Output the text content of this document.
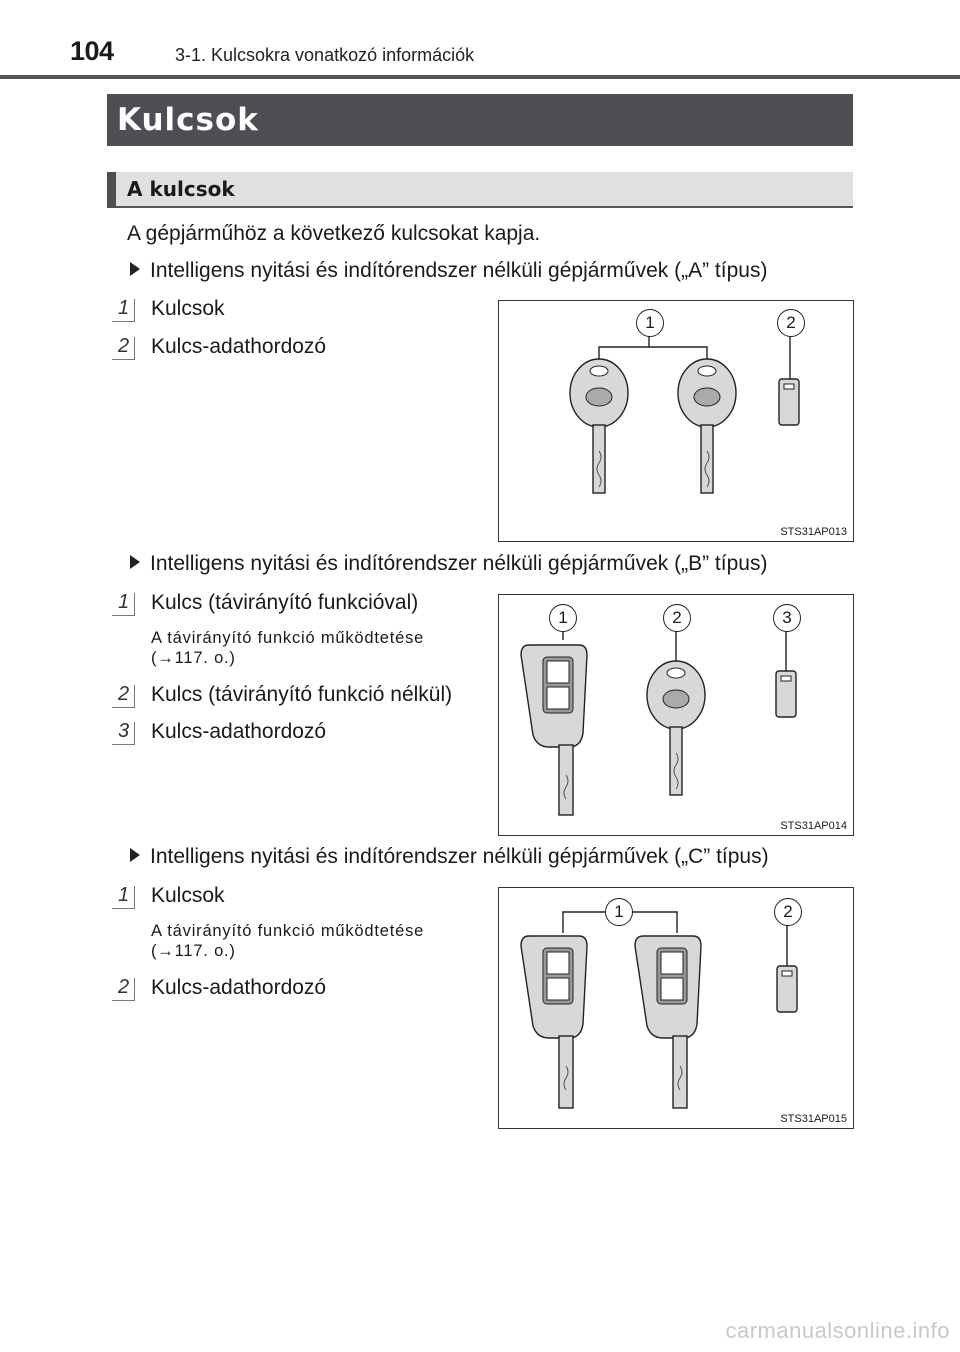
104	3-1. Kulcsokra vonatkozó információk
Kulcsok
A kulcsok
A gépjárműhöz a következő kulcsokat kapja.
Intelligens nyitási és indítórendszer nélküli gépjárművek („A” típus)
1 Kulcsok
2 Kulcs-adathordozó
1	2
STS31AP013
Intelligens nyitási és indítórendszer nélküli gépjárművek („B” típus)
1 Kulcs (távirányító funkcióval)
A távirányító funkció működtetése (→117. o.)
2 Kulcs (távirányító funkció nélkül)
3 Kulcs-adathordozó
1	2	3
STS31AP014
Intelligens nyitási és indítórendszer nélküli gépjárművek („C” típus)
1 Kulcsok
A távirányító funkció működtetése (→117. o.)
2 Kulcs-adathordozó
1	2
STS31AP015
carmanualsonline.info
